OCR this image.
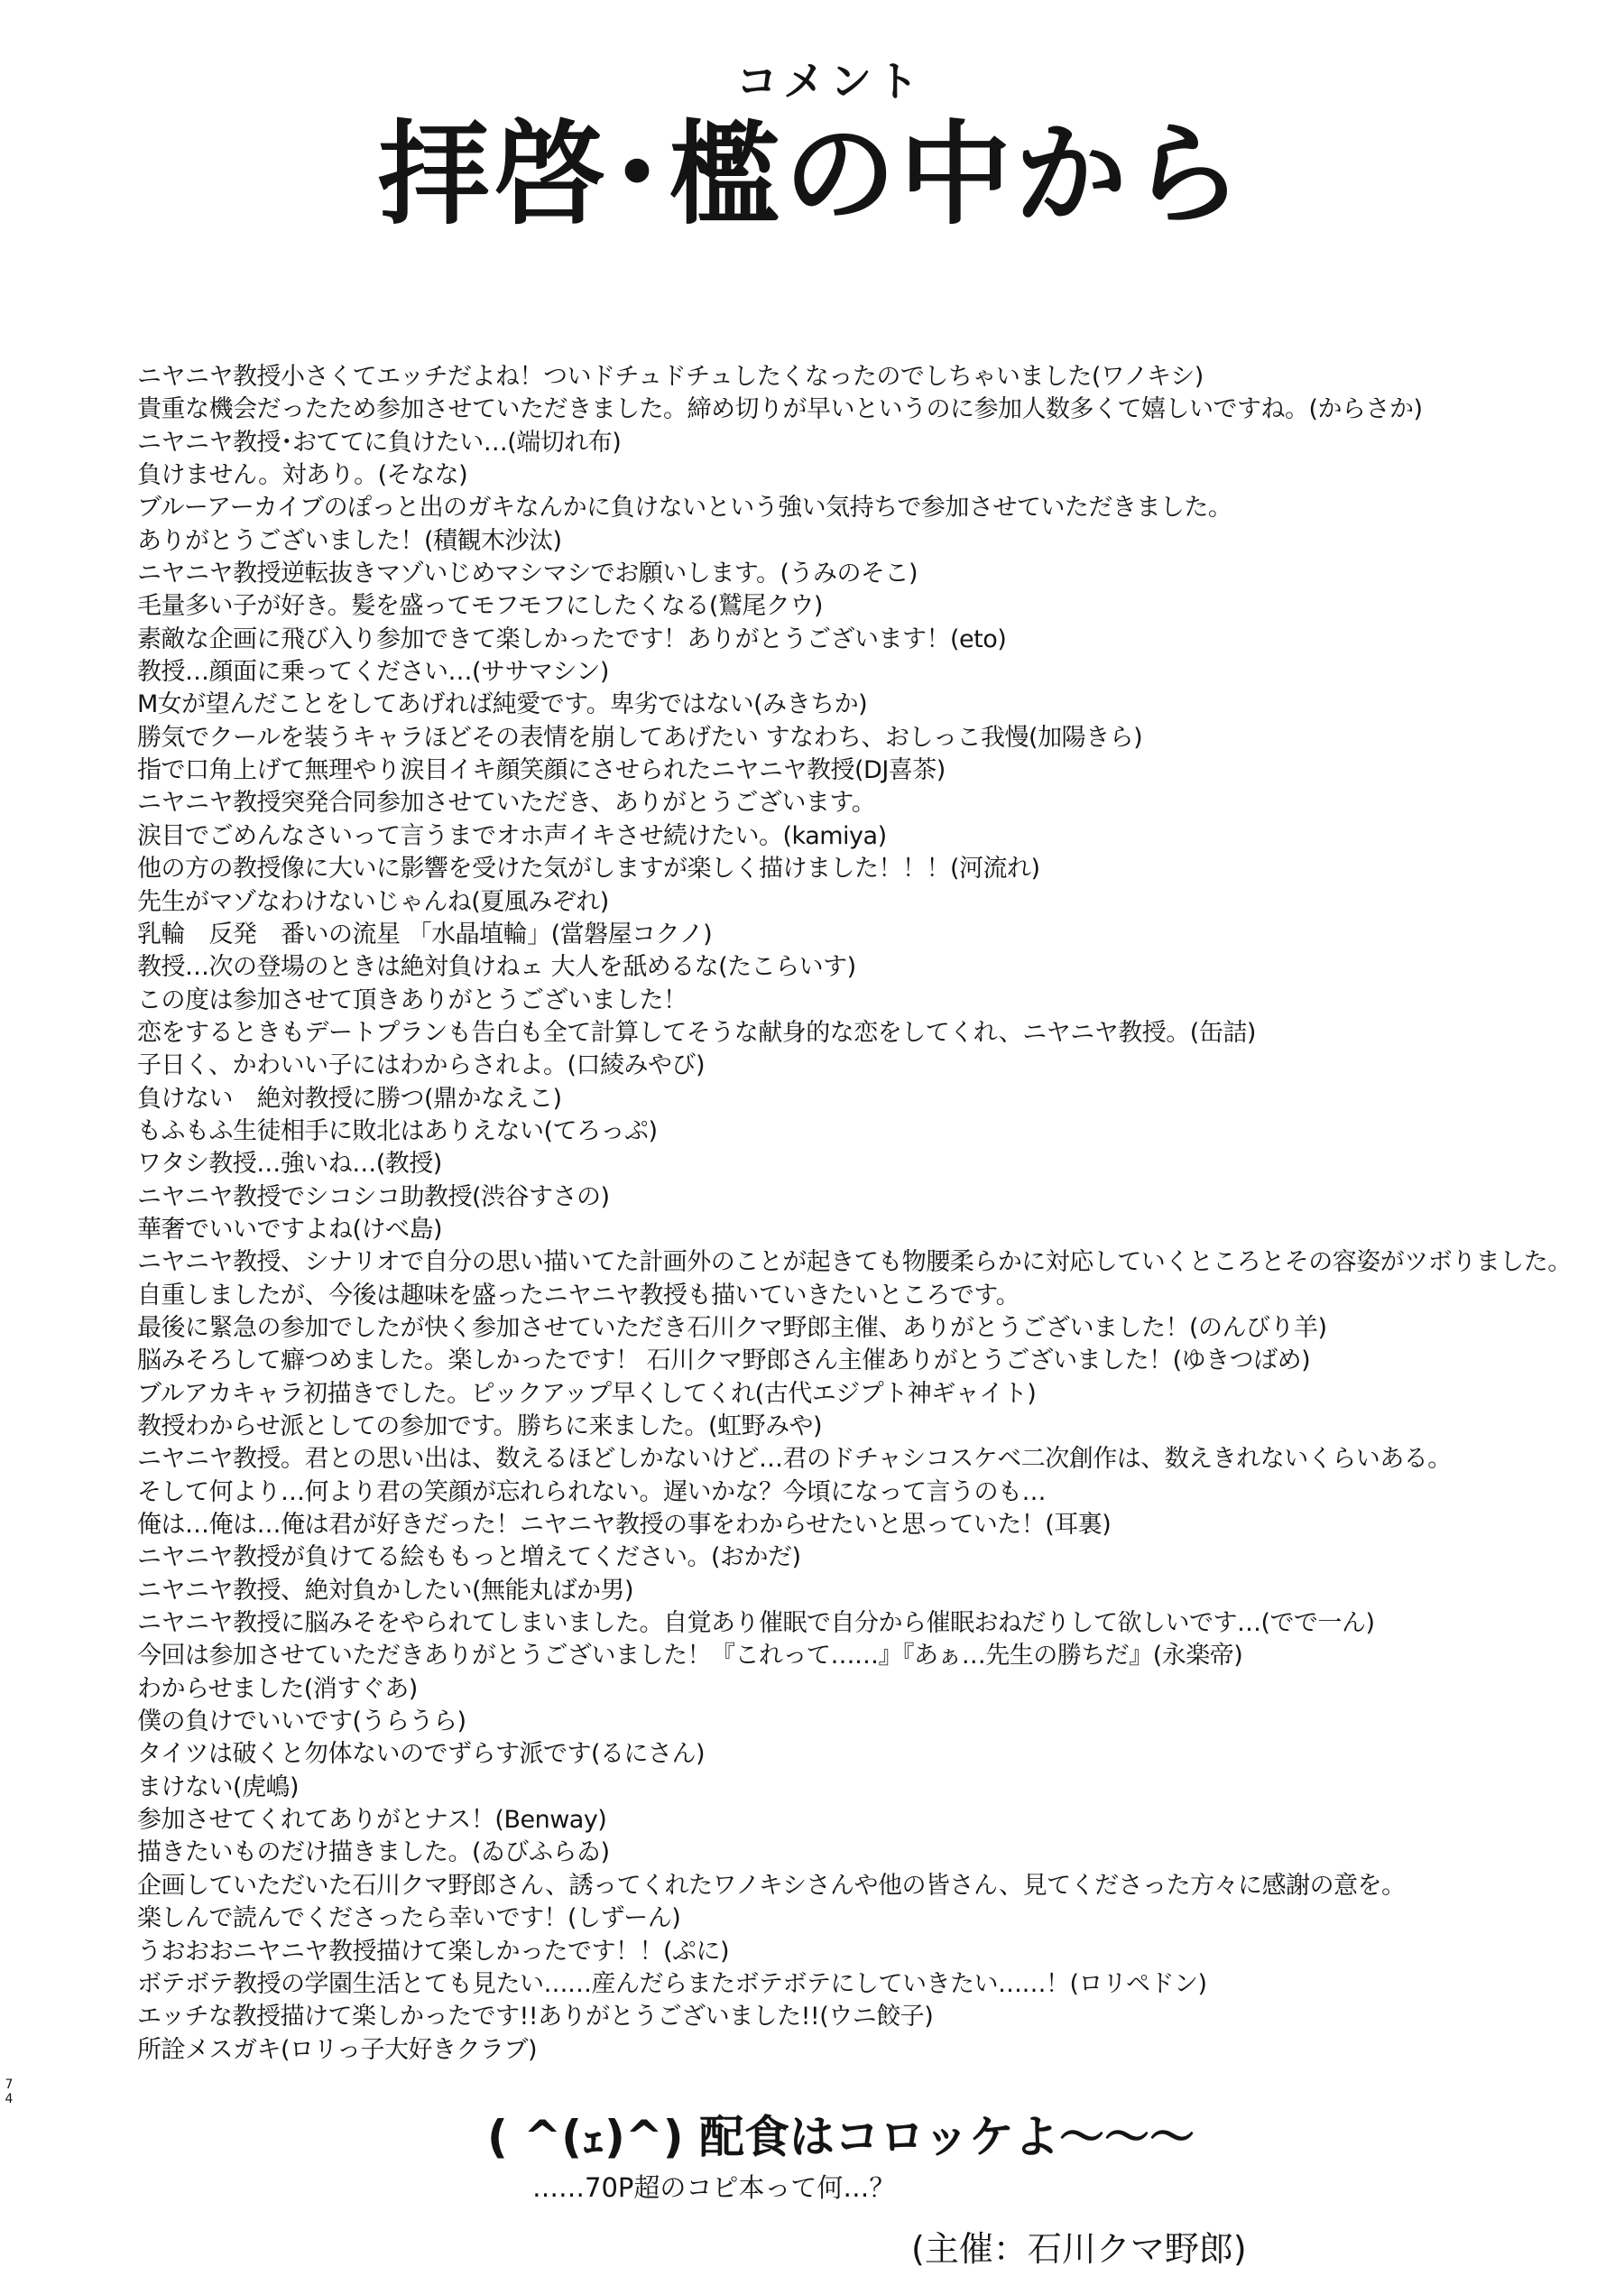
コメント
拝啓･檻の中から
ニヤニヤ教授小さくてエッチだよね！ついドチュドチュしたくなったのでしちゃいました(ワノキシ)
貴重な機会だったため参加させていただきました。締め切りが早いというのに参加人数多くて嬉しいですね。(からさか)
ニヤニヤ教授･おててに負けたい…(端切れ布)
負けません。対あり。(そなな)
ブルーアーカイブのぽっと出のガキなんかに負けないという強い気持ちで参加させていただきました。
ありがとうございました！(積観木沙汰)
ニヤニヤ教授逆転抜きマゾいじめマシマシでお願いします。(うみのそこ)
毛量多い子が好き。髪を盛ってモフモフにしたくなる(鷲尾クウ)
素敵な企画に飛び入り参加できて楽しかったです！ありがとうございます！(eto)
教授…顔面に乗ってください…(ササマシン)
M女が望んだことをしてあげれば純愛です。卑劣ではない(みきちか)
勝気でクールを装うキャラほどその表情を崩してあげたい すなわち、おしっこ我慢(加陽きら)
指で口角上げて無理やり涙目イキ顔笑顔にさせられたニヤニヤ教授(DJ喜茶)
ニヤニヤ教授突発合同参加させていただき、ありがとうございます。
涙目でごめんなさいって言うまでオホ声イキさせ続けたい。(kamiya)
他の方の教授像に大いに影響を受けた気がしますが楽しく描けました！！！(河流れ)
先生がマゾなわけないじゃんね(夏風みぞれ)
乳輪　反発　番いの流星 「水晶埴輪」(當磐屋コクノ)
教授…次の登場のときは絶対負けねェ 大人を舐めるな(たこらいす)
この度は参加させて頂きありがとうございました！
恋をするときもデートプランも告白も全て計算してそうな献身的な恋をしてくれ、ニヤニヤ教授。(缶詰)
子日く、かわいい子にはわからされよ。(口綾みやび)
負けない　絶対教授に勝つ(鼎かなえこ)
もふもふ生徒相手に敗北はありえない(てろっぷ)
ワタシ教授…強いね…(教授)
ニヤニヤ教授でシコシコ助教授(渋谷すさの)
華奢でいいですよね(けべ島)
ニヤニヤ教授、シナリオで自分の思い描いてた計画外のことが起きても物腰柔らかに対応していくところとその容姿がツボりました。
自重しましたが、今後は趣味を盛ったニヤニヤ教授も描いていきたいところです。
最後に緊急の参加でしたが快く参加させていただき石川クマ野郎主催、ありがとうございました！(のんびり羊)
脳みそろして癖つめました。楽しかったです！ 石川クマ野郎さん主催ありがとうございました！(ゆきつばめ)
ブルアカキャラ初描きでした。ピックアップ早くしてくれ(古代エジプト神ギャイト)
教授わからせ派としての参加です。勝ちに来ました。(虹野みや)
ニヤニヤ教授。君との思い出は、数えるほどしかないけど…君のドチャシコスケベ二次創作は、数えきれないくらいある。
そして何より…何より君の笑顔が忘れられない。遅いかな？今頃になって言うのも…
俺は…俺は…俺は君が好きだった！ニヤニヤ教授の事をわからせたいと思っていた！(耳裏)
ニヤニヤ教授が負けてる絵ももっと増えてください。(おかだ)
ニヤニヤ教授、絶対負かしたい(無能丸ばか男)
ニヤニヤ教授に脳みそをやられてしまいました。自覚あり催眠で自分から催眠おねだりして欲しいです…(でで一ん)
今回は参加させていただきありがとうございました！『これって……』『あぁ…先生の勝ちだ』(永楽帝)
わからせました(消すぐあ)
僕の負けでいいです(うらうら)
タイツは破くと勿体ないのでずらす派です(るにさん)
まけない(虎嶋)
参加させてくれてありがとナス！(Benway)
描きたいものだけ描きました。(ゐびふらゐ)
企画していただいた石川クマ野郎さん、誘ってくれたワノキシさんや他の皆さん、見てくださった方々に感謝の意を。
楽しんで読んでくださったら幸いです！(しずーん)
うおおおニヤニヤ教授描けて楽しかったです！！(ぷに)
ボテボテ教授の学園生活とても見たい……産んだらまたボテボテにしていきたい……！(ロリペドン)
エッチな教授描けて楽しかったです!!ありがとうございました!!(ウニ餃子)
所詮メスガキ(ロリっ子大好きクラブ)
7
4
( ^(ｪ)^) 配食はコロッケよ～～～
……70P超のコピ本って何…？
(主催：石川クマ野郎)
